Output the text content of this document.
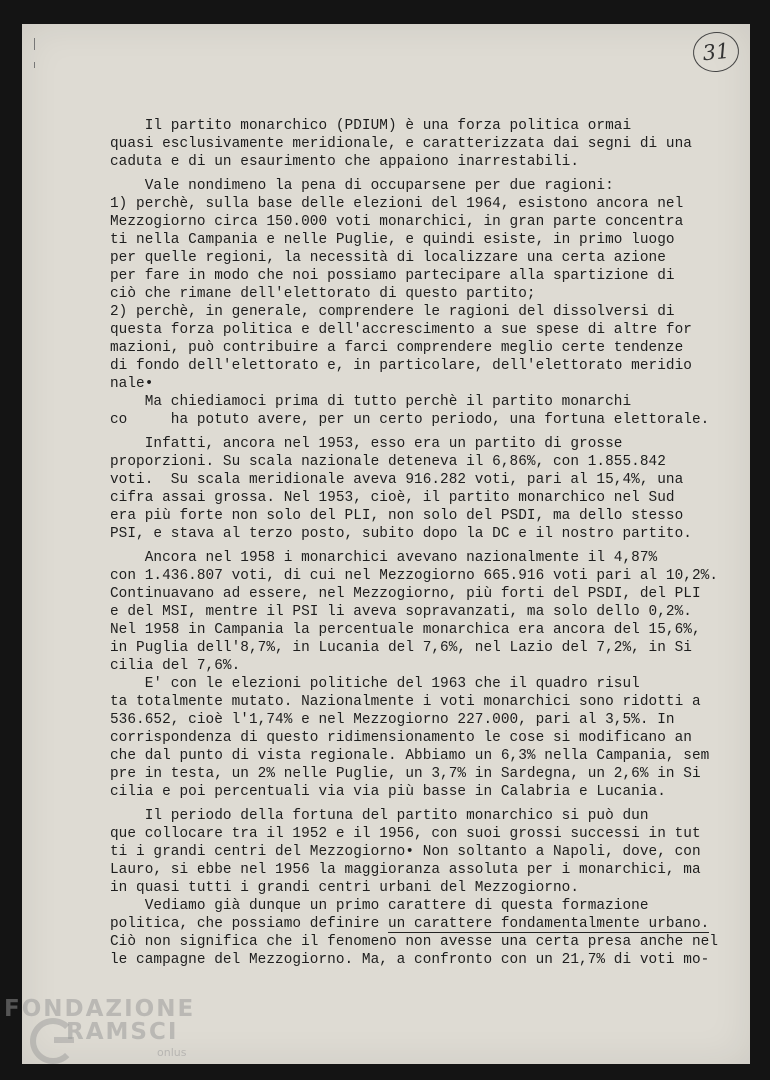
31
Il partito monarchico (PDIUM) è una forza politica ormai
quasi esclusivamente meridionale, e caratterizzata dai segni di una
caduta e di un esaurimento che appaiono inarrestabili.
Vale nondimeno la pena di occuparsene per due ragioni:
1) perchè, sulla base delle elezioni del 1964, esistono ancora nel
Mezzogiorno circa 150.000 voti monarchici, in gran parte concentra
ti nella Campania e nelle Puglie, e quindi esiste, in primo luogo
per quelle regioni, la necessità di localizzare una certa azione
per fare in modo che noi possiamo partecipare alla spartizione di
ciò che rimane dell'elettorato di questo partito;
2) perchè, in generale, comprendere le ragioni del dissolversi di
questa forza politica e dell'accrescimento a sue spese di altre for
mazioni, può contribuire a farci comprendere meglio certe tendenze
di fondo dell'elettorato e, in particolare, dell'elettorato meridio
nale•
Ma chiediamoci prima di tutto perchè il partito monarchi
co     ha potuto avere, per un certo periodo, una fortuna elettorale.
Infatti, ancora nel 1953, esso era un partito di grosse
proporzioni. Su scala nazionale deteneva il 6,86%, con 1.855.842
voti.  Su scala meridionale aveva 916.282 voti, pari al 15,4%, una
cifra assai grossa. Nel 1953, cioè, il partito monarchico nel Sud
era più forte non solo del PLI, non solo del PSDI, ma dello stesso
PSI, e stava al terzo posto, subito dopo la DC e il nostro partito.
Ancora nel 1958 i monarchici avevano nazionalmente il 4,87%
con 1.436.807 voti, di cui nel Mezzogiorno 665.916 voti pari al 10,2%.
Continuavano ad essere, nel Mezzogiorno, più forti del PSDI, del PLI
e del MSI, mentre il PSI li aveva sopravanzati, ma solo dello 0,2%.
Nel 1958 in Campania la percentuale monarchica era ancora del 15,6%,
in Puglia dell'8,7%, in Lucania del 7,6%, nel Lazio del 7,2%, in Si
cilia del 7,6%.
E' con le elezioni politiche del 1963 che il quadro risul
ta totalmente mutato. Nazionalmente i voti monarchici sono ridotti a
536.652, cioè l'1,74% e nel Mezzogiorno 227.000, pari al 3,5%. In
corrispondenza di questo ridimensionamento le cose si modificano an
che dal punto di vista regionale. Abbiamo un 6,3% nella Campania, sem
pre in testa, un 2% nelle Puglie, un 3,7% in Sardegna, un 2,6% in Si
cilia e poi percentuali via via più basse in Calabria e Lucania.
Il periodo della fortuna del partito monarchico si può dun
que collocare tra il 1952 e il 1956, con suoi grossi successi in tut
ti i grandi centri del Mezzogiorno• Non soltanto a Napoli, dove, con
Lauro, si ebbe nel 1956 la maggioranza assoluta per i monarchici, ma
in quasi tutti i grandi centri urbani del Mezzogiorno.
Vediamo già dunque un primo carattere di questa formazione
politica, che possiamo definire un carattere fondamentalmente urbano.
Ciò non significa che il fenomeno non avesse una certa presa anche nel
le campagne del Mezzogiorno. Ma, a confronto con un 21,7% di voti mo-
FONDAZIONE
RAMSCI
onlus
